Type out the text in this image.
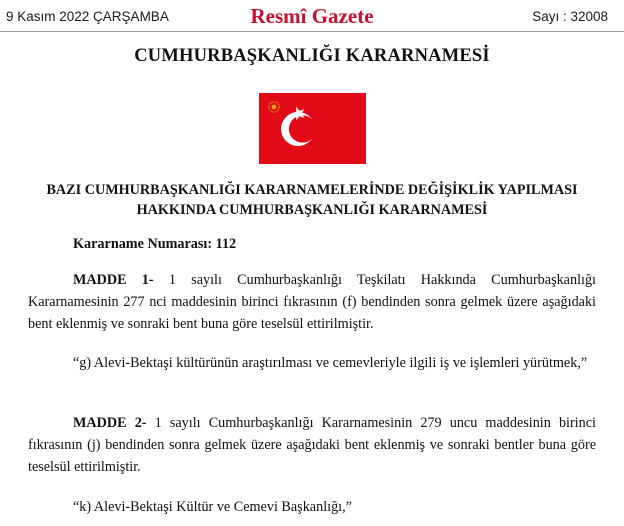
9 Kasım 2022 ÇARŞAMBA	Resmî Gazete	Sayı : 32008
CUMHURBAŞKANLIĞI KARARNAMESİ
BAZI CUMHURBAŞKANLIĞI KARARNAMELERİNDE DEĞİŞİKLİK YAPILMASI
HAKKINDA CUMHURBAŞKANLIĞI KARARNAMESİ
Kararname Numarası: 112

MADDE 1- 1 sayılı Cumhurbaşkanlığı Teşkilatı Hakkında Cumhurbaşkanlığı Kararnamesinin 277 nci maddesinin birinci fıkrasının (f) bendinden sonra gelmek üzere aşağıdaki bent eklenmiş ve sonraki bent buna göre teselsül ettirilmiştir.

“g) Alevi-Bektaşi kültürünün araştırılması ve cemevleriyle ilgili iş ve işlemleri yürütmek,”

MADDE 2- 1 sayılı Cumhurbaşkanlığı Kararnamesinin 279 uncu maddesinin birinci fıkrasının (j) bendinden sonra gelmek üzere aşağıdaki bent eklenmiş ve sonraki bentler buna göre teselsül ettirilmiştir.

“k) Alevi-Bektaşi Kültür ve Cemevi Başkanlığı,”
